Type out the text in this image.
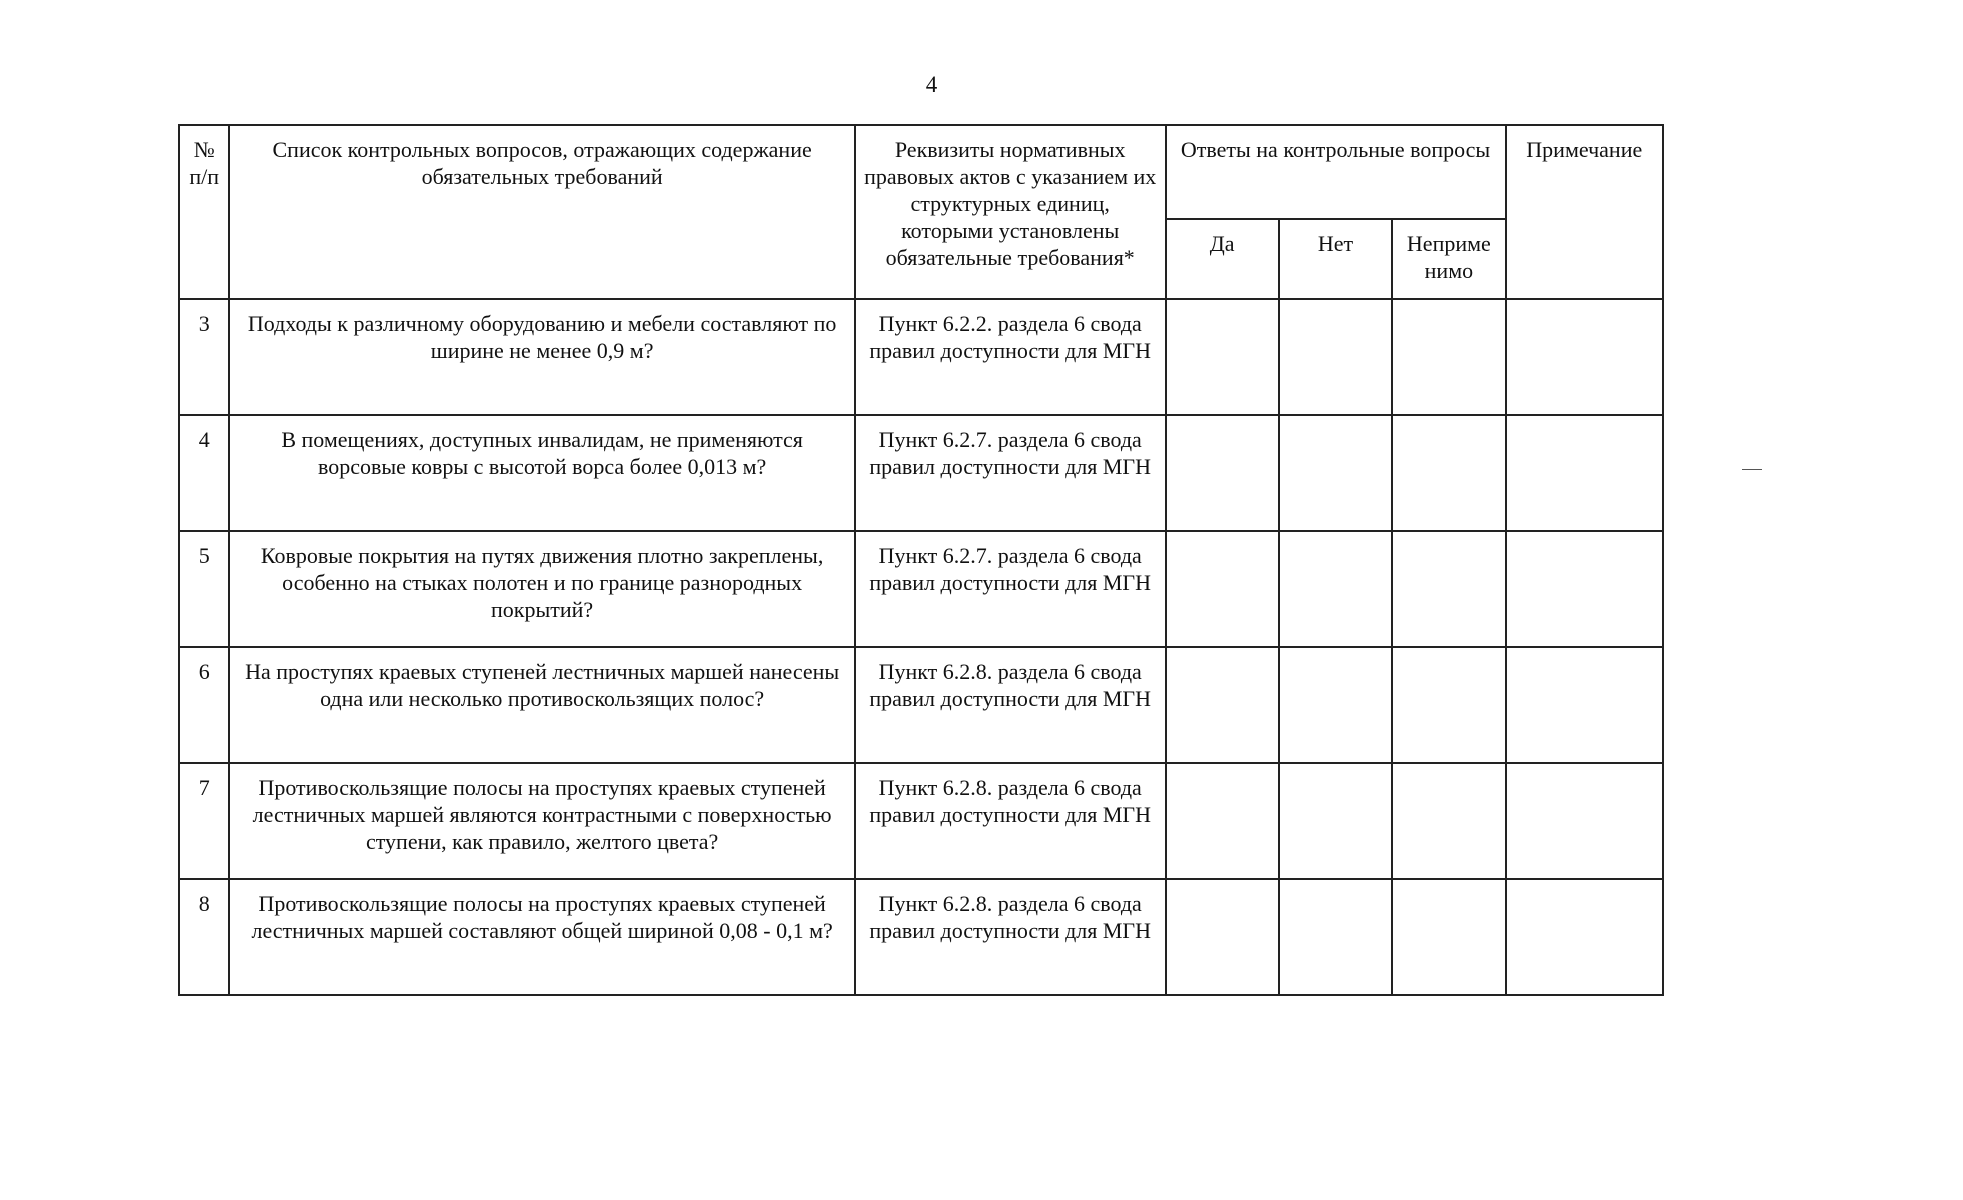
4
№ п/п	Список контрольных вопросов, отражающих содержание обязательных требований	Реквизиты нормативных правовых актов с указанием их структурных единиц, которыми установлены обязательные требования*	Ответы на контрольные вопросы			Примечание
			Да	Нет	Неприме нимо	
3	Подходы к различному оборудованию и мебели составляют по ширине не менее 0,9 м?	Пункт 6.2.2. раздела 6 свода правил доступности для МГН				
4	В помещениях, доступных инвалидам, не применяются ворсовые ковры с высотой ворса более 0,013 м?	Пункт 6.2.7. раздела 6 свода правил доступности для МГН				
5	Ковровые покрытия на путях движения плотно закреплены, особенно на стыках полотен и по границе разнородных покрытий?	Пункт 6.2.7. раздела 6 свода правил доступности для МГН				
6	На проступях краевых ступеней лестничных маршей нанесены одна или несколько противоскользящих полос?	Пункт 6.2.8. раздела 6 свода правил доступности для МГН				
7	Противоскользящие полосы на проступях краевых ступеней лестничных маршей являются контрастными с поверхностью ступени, как правило, желтого цвета?	Пункт 6.2.8. раздела 6 свода правил доступности для МГН				
8	Противоскользящие полосы на проступях краевых ступеней лестничных маршей составляют общей шириной 0,08 - 0,1 м?	Пункт 6.2.8. раздела 6 свода правил доступности для МГН				
